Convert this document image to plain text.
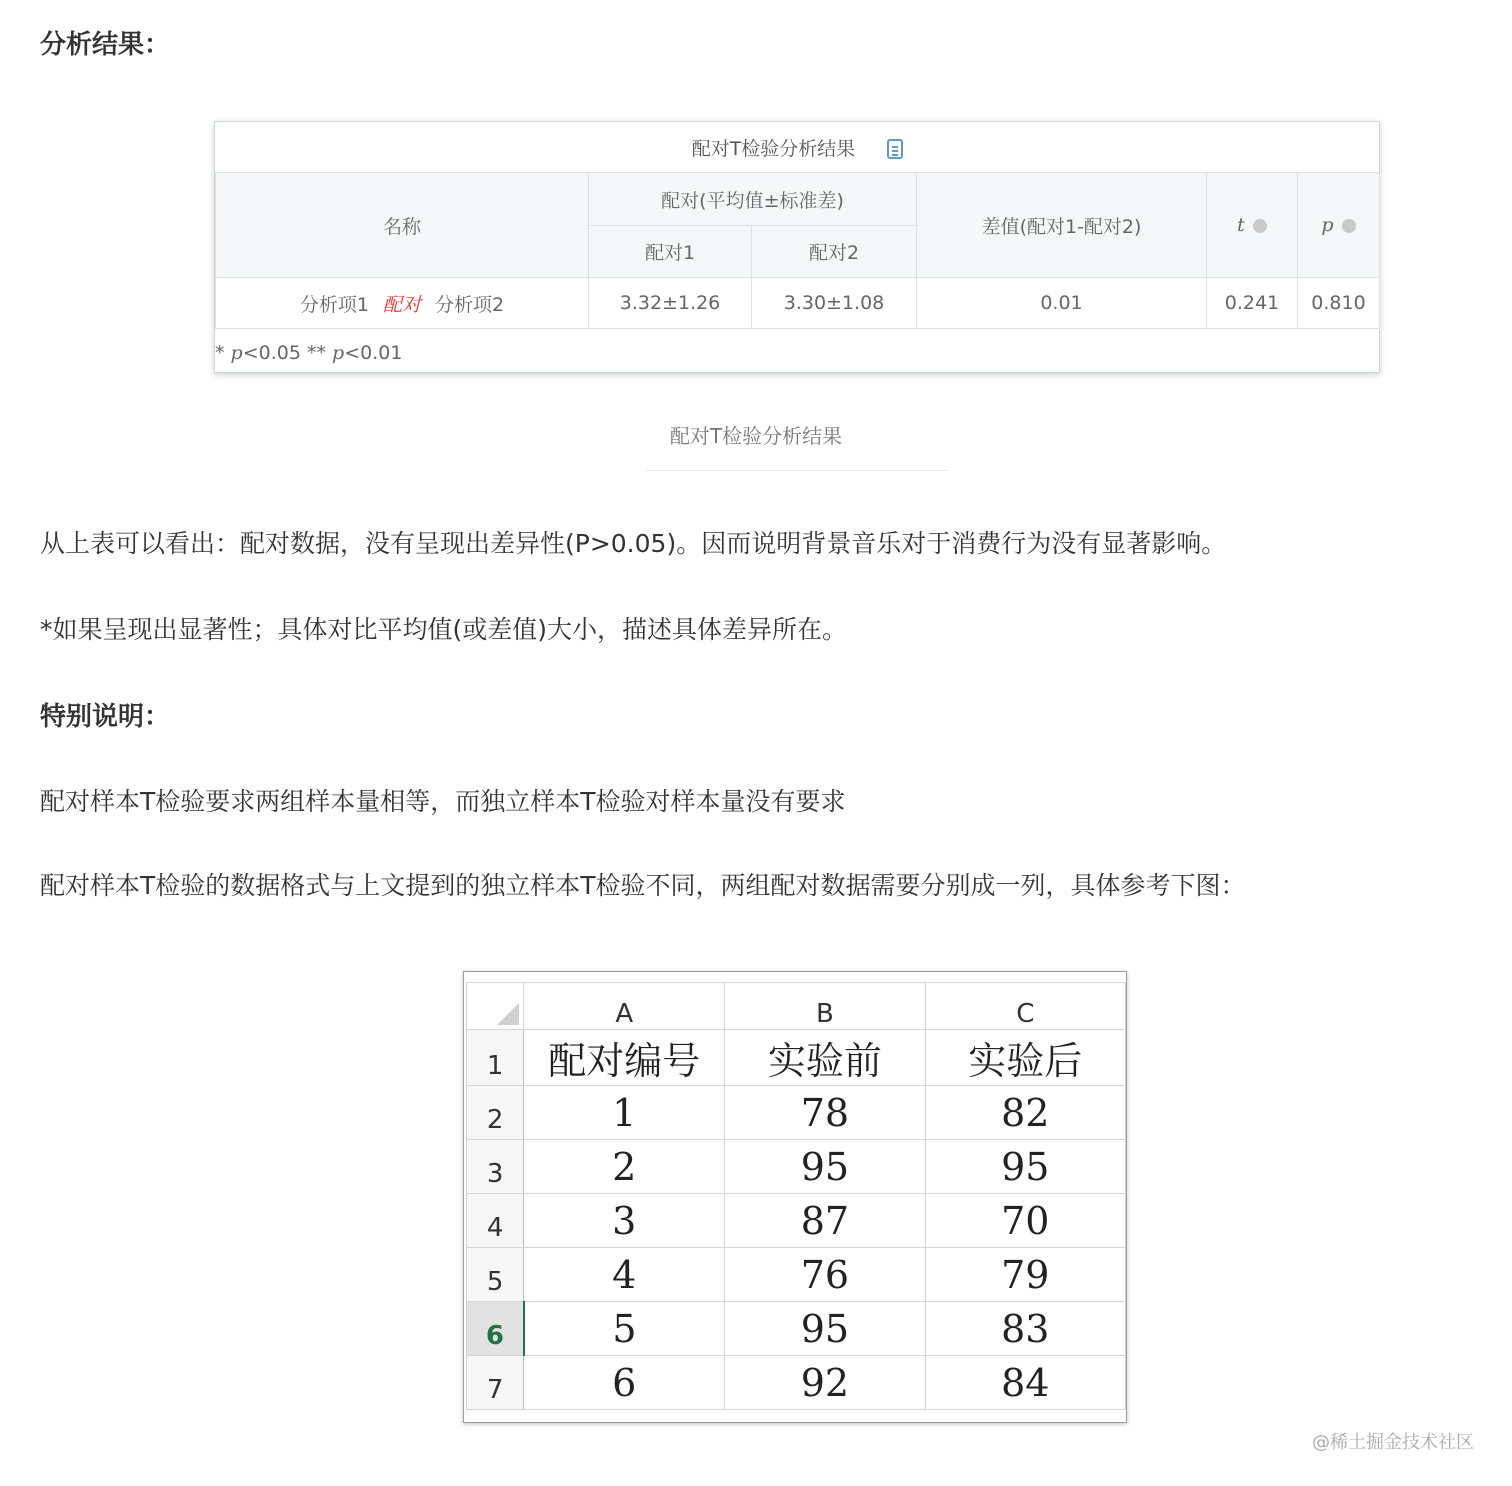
分析结果：
配对T检验分析结果					
名称	配对(平均值±标准差)		差值(配对1-配对2)	t	p
	配对1	配对2			
分析项1 配对 分析项2	3.32±1.26	3.30±1.08	0.01	0.241	0.810
* p<0.05 ** p<0.01
配对T检验分析结果

从上表可以看出：配对数据，没有呈现出差异性(P>0.05)。因而说明背景音乐对于消费行为没有显著影响。

*如果呈现出显著性；具体对比平均值(或差值)大小，描述具体差异所在。

特别说明：

配对样本T检验要求两组样本量相等，而独立样本T检验对样本量没有要求

配对样本T检验的数据格式与上文提到的独立样本T检验不同，两组配对数据需要分别成一列，具体参考下图：

	A	B	C
1	配对编号	实验前	实验后
2	1	78	82
3	2	95	95
4	3	87	70
5	4	76	79
6	5	95	83
7	6	92	84
@稀土掘金技术社区
